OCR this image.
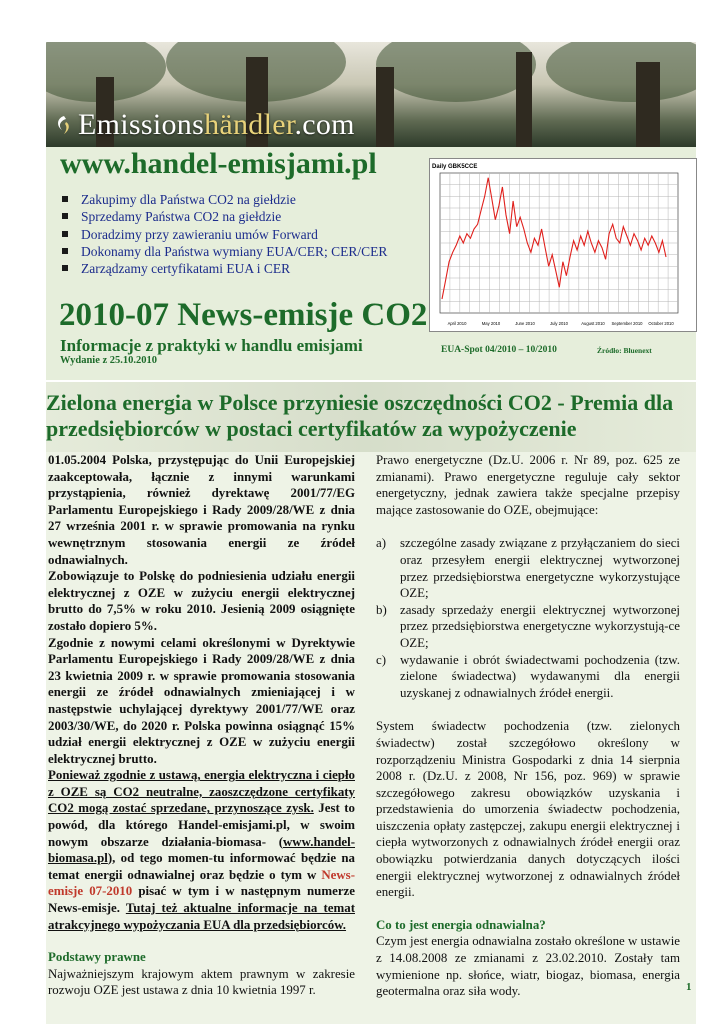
Emissionshändler.com
www.handel-emisjami.pl
Zakupimy dla Państwa CO2 na giełdzie
Sprzedamy Państwa CO2 na giełdzie
Doradzimy przy zawieraniu umów Forward
Dokonamy dla Państwa wymiany EUA/CER; CER/CER
Zarządzamy certyfikatami EUA i CER
Daily GBK5CCE
April 2010	May 2010	June 2010	July 2010	August 2010 September 2010 October 2010
2010-07 News-emisje CO2
Informacje z praktyki w handlu emisjami
Wydanie z 25.10.2010
EUA-Spot 04/2010 – 10/2010	Źródło: Bluenext
Zielona energia w Polsce przyniesie oszczędności CO2 - Premia dla przedsiębiorców w postaci certyfikatów za wypożyczenie

01.05.2004 Polska, przystępując do Unii Europejskiej zaakceptowała, łącznie z innymi warunkami przystąpienia, również dyrektawę 2001/77/EG Parlamentu Europejskiego i Rady 2009/28/WE z dnia 27 września 2001 r. w sprawie promowania na rynku wewnętrznym stosowania energii ze źródeł odnawialnych.

Zobowiązuje to Polskę do podniesienia udziału energii elektrycznej z OZE w zużyciu energii elektrycznej brutto do 7,5% w roku 2010. Jesienią 2009 osiągnięte zostało dopiero 5%.

Zgodnie z nowymi celami określonymi w Dyrektywie Parlamentu Europejskiego i Rady 2009/28/WE z dnia 23 kwietnia 2009 r. w sprawie promowania stosowania energii ze źródeł odnawialnych zmieniającej i w następstwie uchylającej dyrektywy 2001/77/WE oraz 2003/30/WE, do 2020 r. Polska powinna osiągnąć 15% udział energii elektrycznej z OZE w zużyciu energii elektrycznej brutto.

Ponieważ zgodnie z ustawą, energia elektryczna i ciepło z OZE są CO2 neutralne, zaoszczędzone certyfikaty CO2 mogą zostać sprzedane, przynoszące zysk. Jest to powód, dla którego Handel-emisjami.pl, w swoim nowym obszarze działania-biomasa- (www.handel-biomasa.pl), od tego momen-tu informować będzie na temat energii odnawialnej oraz będzie o tym w News-emisje 07-2010 pisać w tym i w następnym numerze News-emisje. Tutaj też aktualne informacje na temat atrakcyjnego wypożyczania EUA dla przedsiębiorców.

Podstawy prawne

Najważniejszym krajowym aktem prawnym w zakresie rozwoju OZE jest ustawa z dnia 10 kwietnia 1997 r.

Prawo energetyczne (Dz.U. 2006 r. Nr 89, poz. 625 ze zmianami). Prawo energetyczne reguluje cały sektor energetyczny, jednak zawiera także specjalne przepisy mające zastosowanie do OZE, obejmujące:

a)	szczególne zasady związane z przyłączaniem do sieci oraz przesyłem energii elektrycznej wytworzonej przez przedsiębiorstwa energetyczne wykorzystujące OZE;
b)	zasady sprzedaży energii elektrycznej wytworzonej przez przedsiębiorstwa energetyczne wykorzystują-ce OZE;
c)	wydawanie i obrót świadectwami pochodzenia (tzw. zielone świadectwa) wydawanymi dla energii uzyskanej z odnawialnych źródeł energii.

System świadectw pochodzenia (tzw. zielonych świadectw) został szczegółowo określony w rozporządzeniu Ministra Gospodarki z dnia 14 sierpnia 2008 r. (Dz.U. z 2008, Nr 156, poz. 969) w sprawie szczegółowego zakresu obowiązków uzyskania i przedstawienia do umorzenia świadectw pochodzenia, uiszczenia opłaty zastępczej, zakupu energii elektrycznej i ciepła wytworzonych z odnawialnych źródeł energii oraz obowiązku potwierdzania danych dotyczących ilości energii elektrycznej wytworzonej z odnawialnych źródeł energii.

Co to jest energia odnawialna?

Czym jest energia odnawialna zostało określone w ustawie z 14.08.2008 ze zmianami z 23.02.2010. Zostały tam wymienione np. słońce, wiatr, biogaz, biomasa, energia geotermalna oraz siła wody.	1
